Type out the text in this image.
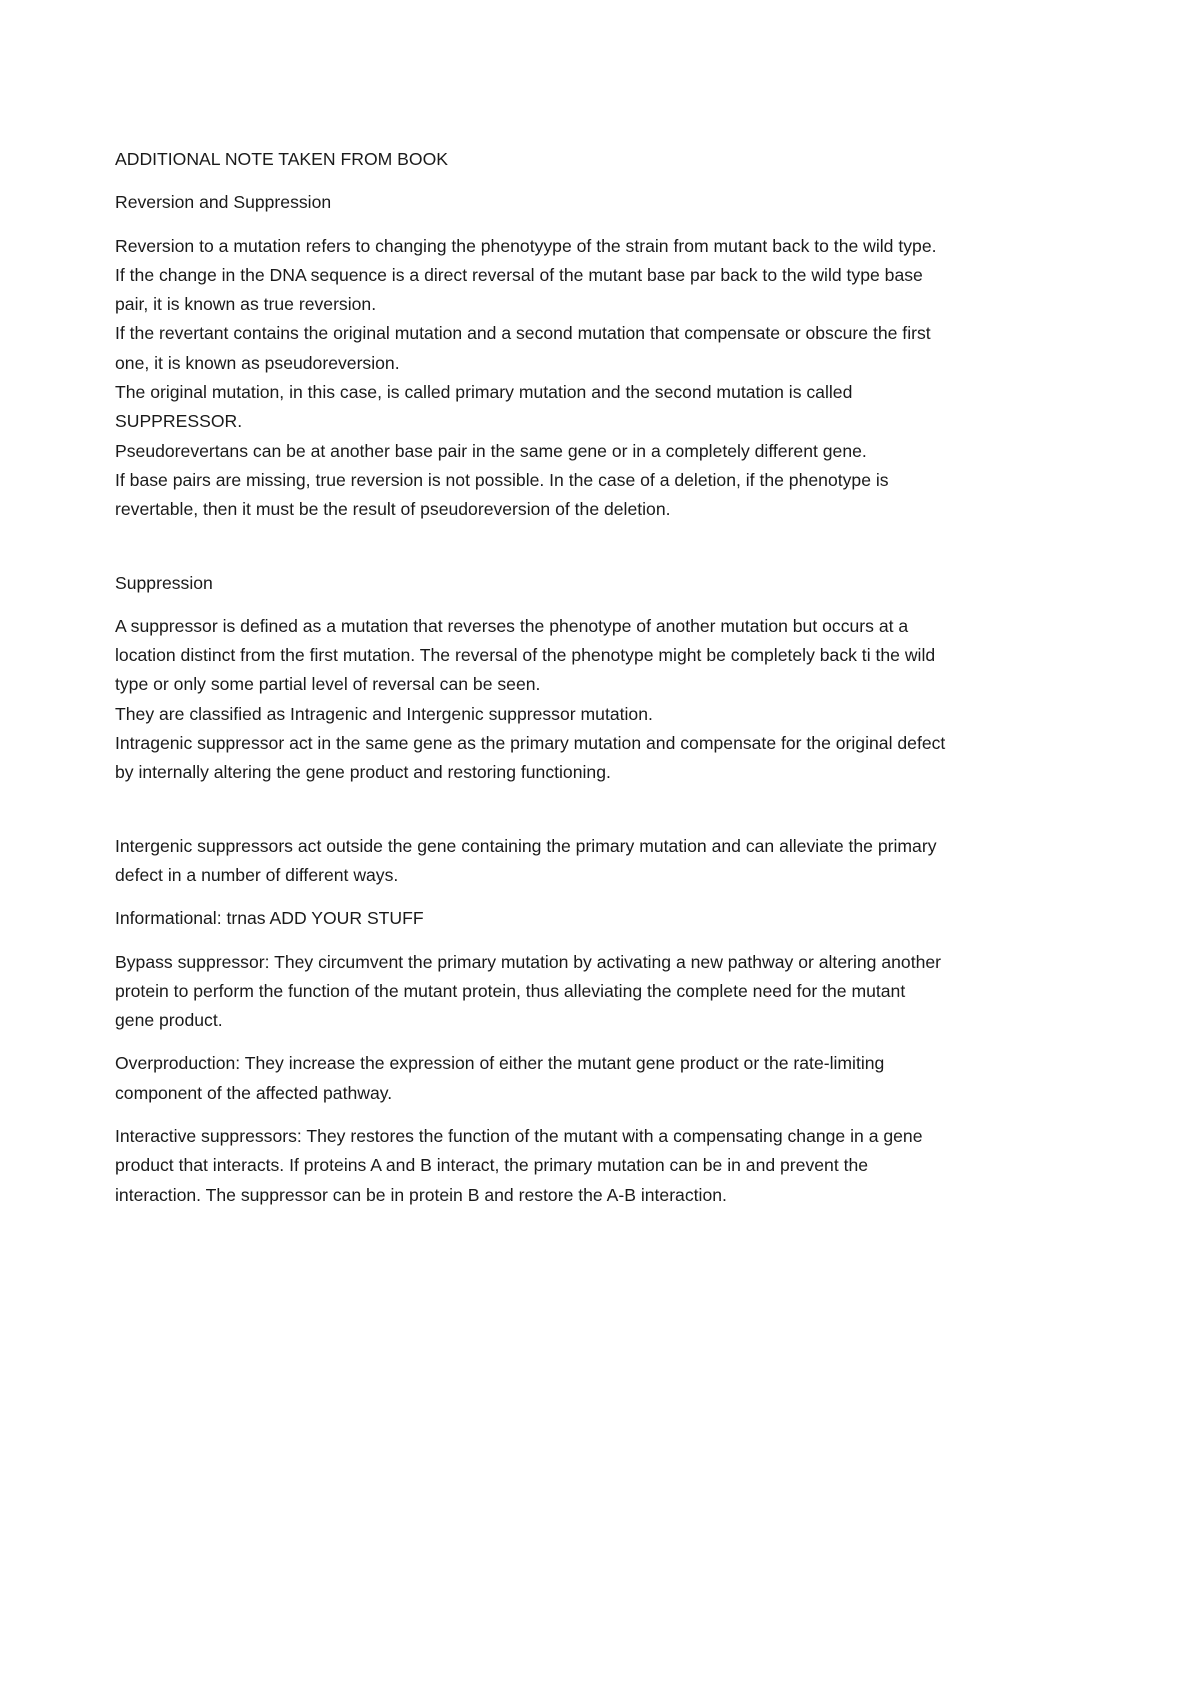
ADDITIONAL NOTE TAKEN FROM BOOK
Reversion and Suppression
Reversion to a mutation refers to changing the phenotyype of the strain from mutant back to the wild type.
If the change in the DNA sequence is a direct reversal of the mutant base par back to the wild type base
pair, it is known as true reversion.
If the revertant contains the original mutation and a second mutation that compensate or obscure the first
one, it is known as pseudoreversion.
The original mutation, in this case, is called primary mutation and the second mutation is called
SUPPRESSOR.
Pseudorevertans can be at another base pair in the same gene or in a completely different gene.
If base pairs are missing, true reversion is not possible. In the case of a deletion, if the phenotype is
revertable, then it must be the result of pseudoreversion of the deletion.
Suppression
A suppressor is defined as a mutation that reverses the phenotype of another mutation but occurs at a
location distinct from the first mutation. The reversal of the phenotype might be completely back ti the wild
type or only some partial level of reversal can be seen.
They are classified as Intragenic and Intergenic suppressor mutation.
Intragenic suppressor act in the same gene as the primary mutation and compensate for the original defect
by internally altering the gene product and restoring functioning.
Intergenic suppressors act outside the gene containing the primary mutation and can alleviate the primary
defect in a number of different ways.
Informational: trnas ADD YOUR STUFF
Bypass suppressor: They circumvent the primary mutation by activating a new pathway or altering another
protein to perform the function of the mutant protein, thus alleviating the complete need for the mutant
gene product.
Overproduction: They increase the expression of either the mutant gene product or the rate-limiting
component of the affected pathway.
Interactive suppressors: They restores the function of the mutant with a compensating change in a gene
product that interacts. If proteins A and B interact, the primary mutation can be in and prevent the
interaction. The suppressor can be in protein B and restore the A-B interaction.
